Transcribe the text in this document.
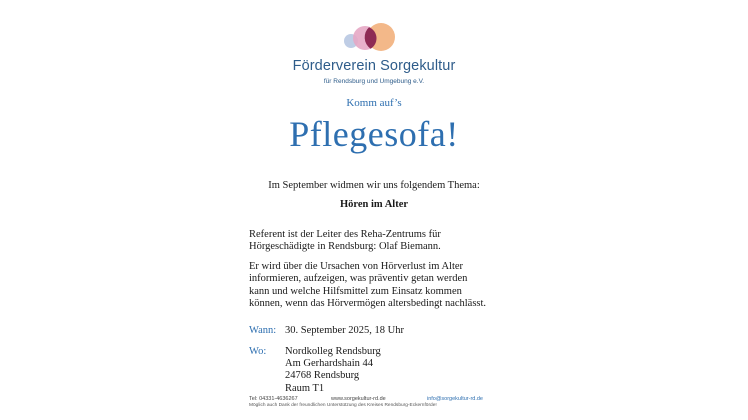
Förderverein Sorgekultur
für Rendsburg und Umgebung e.V.
Komm auf’s
Pflegesofa!
Im September widmen wir uns folgendem Thema:
Hören im Alter
Referent ist der Leiter des Reha-Zentrums für
Hörgeschädigte in Rendsburg: Olaf Biemann.
Er wird über die Ursachen von Hörverlust im Alter
informieren, aufzeigen, was präventiv getan werden
kann und welche Hilfsmittel zum Einsatz kommen
können, wenn das Hörvermögen altersbedingt nachlässt.
Wann: 30. September 2025, 18 Uhr
Wo: Nordkolleg Rendsburg
Am Gerhardshain 44
24768 Rendsburg
Raum T1
Tel: 04331-4636267	www.sorgekultur-rd.de	info@sorgekultur-rd.de
Möglich auch Dank der freundlichen Unterstützung des Kreises Rendsburg-Eckernförde!
